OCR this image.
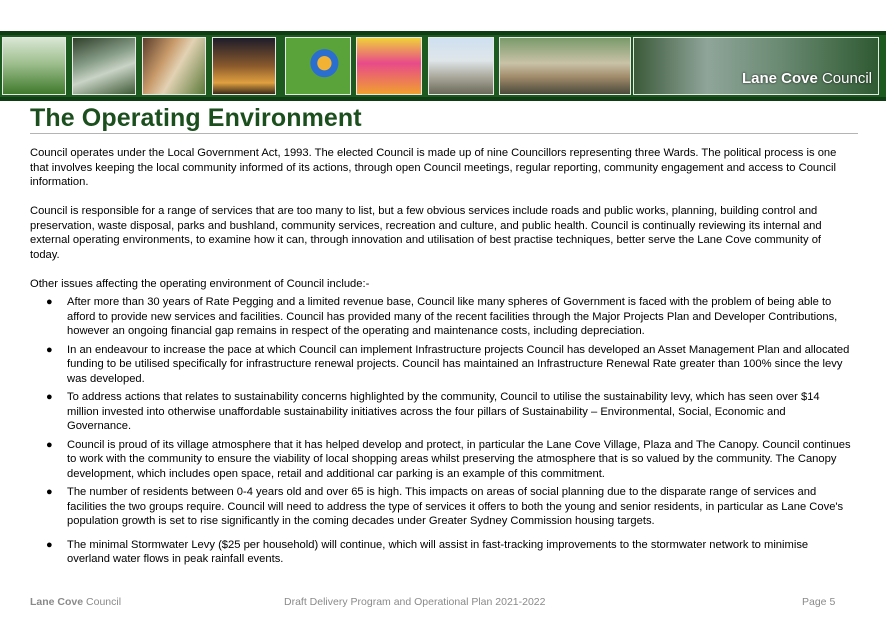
Lane Cove Council
The Operating Environment

Council operates under the Local Government Act, 1993. The elected Council is made up of nine Councillors representing three Wards. The political process is one that involves keeping the local community informed of its actions, through open Council meetings, regular reporting, community engagement and access to Council information.

Council is responsible for a range of services that are too many to list, but a few obvious services include roads and public works, planning, building control and preservation, waste disposal, parks and bushland, community services, recreation and culture, and public health. Council is continually reviewing its internal and external operating environments, to examine how it can, through innovation and utilisation of best practise techniques, better serve the Lane Cove community of today.

Other issues affecting the operating environment of Council include:-

● After more than 30 years of Rate Pegging and a limited revenue base, Council like many spheres of Government is faced with the problem of being able to afford to provide new services and facilities. Council has provided many of the recent facilities through the Major Projects Plan and Developer Contributions, however an ongoing financial gap remains in respect of the operating and maintenance costs, including depreciation.
● In an endeavour to increase the pace at which Council can implement Infrastructure projects Council has developed an Asset Management Plan and allocated funding to be utilised specifically for infrastructure renewal projects. Council has maintained an Infrastructure Renewal Rate greater than 100% since the levy was developed.
● To address actions that relates to sustainability concerns highlighted by the community, Council to utilise the sustainability levy, which has seen over $14 million invested into otherwise unaffordable sustainability initiatives across the four pillars of Sustainability – Environmental, Social, Economic and Governance.
● Council is proud of its village atmosphere that it has helped develop and protect, in particular the Lane Cove Village, Plaza and The Canopy. Council continues to work with the community to ensure the viability of local shopping areas whilst preserving the atmosphere that is so valued by the community. The Canopy development, which includes open space, retail and additional car parking is an example of this commitment.
● The number of residents between 0-4 years old and over 65 is high. This impacts on areas of social planning due to the disparate range of services and facilities the two groups require. Council will need to address the type of services it offers to both the young and senior residents, in particular as Lane Cove's population growth is set to rise significantly in the coming decades under Greater Sydney Commission housing targets.
● The minimal Stormwater Levy ($25 per household) will continue, which will assist in fast-tracking improvements to the stormwater network to minimise overland water flows in peak rainfall events.
Lane Cove Council	Draft Delivery Program and Operational Plan 2021-2022	Page 5
